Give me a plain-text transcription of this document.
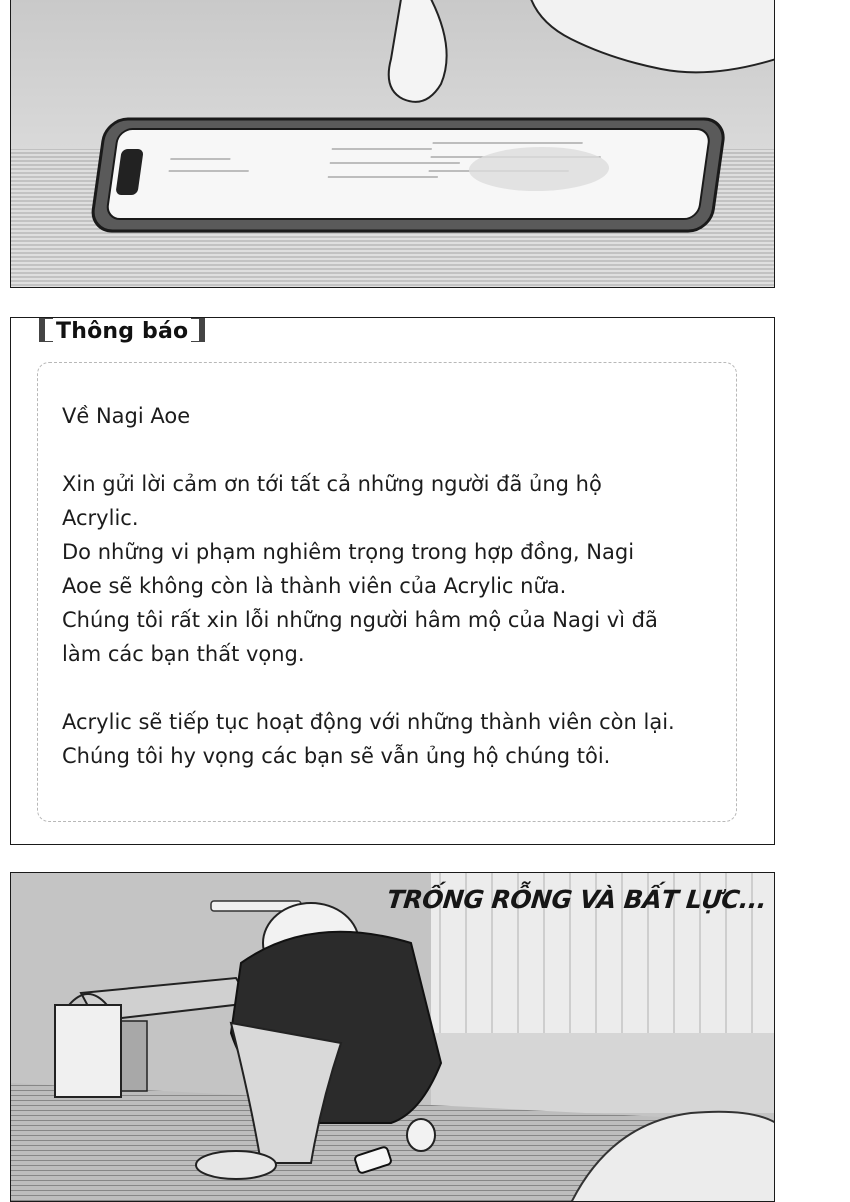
Thông báo

Về Nagi Aoe

Xin gửi lời cảm ơn tới tất cả những người đã ủng hộ
Acrylic.
Do những vi phạm nghiêm trọng trong hợp đồng, Nagi
Aoe sẽ không còn là thành viên của Acrylic nữa.
Chúng tôi rất xin lỗi những người hâm mộ của Nagi vì đã
làm các bạn thất vọng.

Acrylic sẽ tiếp tục hoạt động với những thành viên còn lại.
Chúng tôi hy vọng các bạn sẽ vẫn ủng hộ chúng tôi.

TRỐNG RỖNG VÀ BẤT LỰC...
